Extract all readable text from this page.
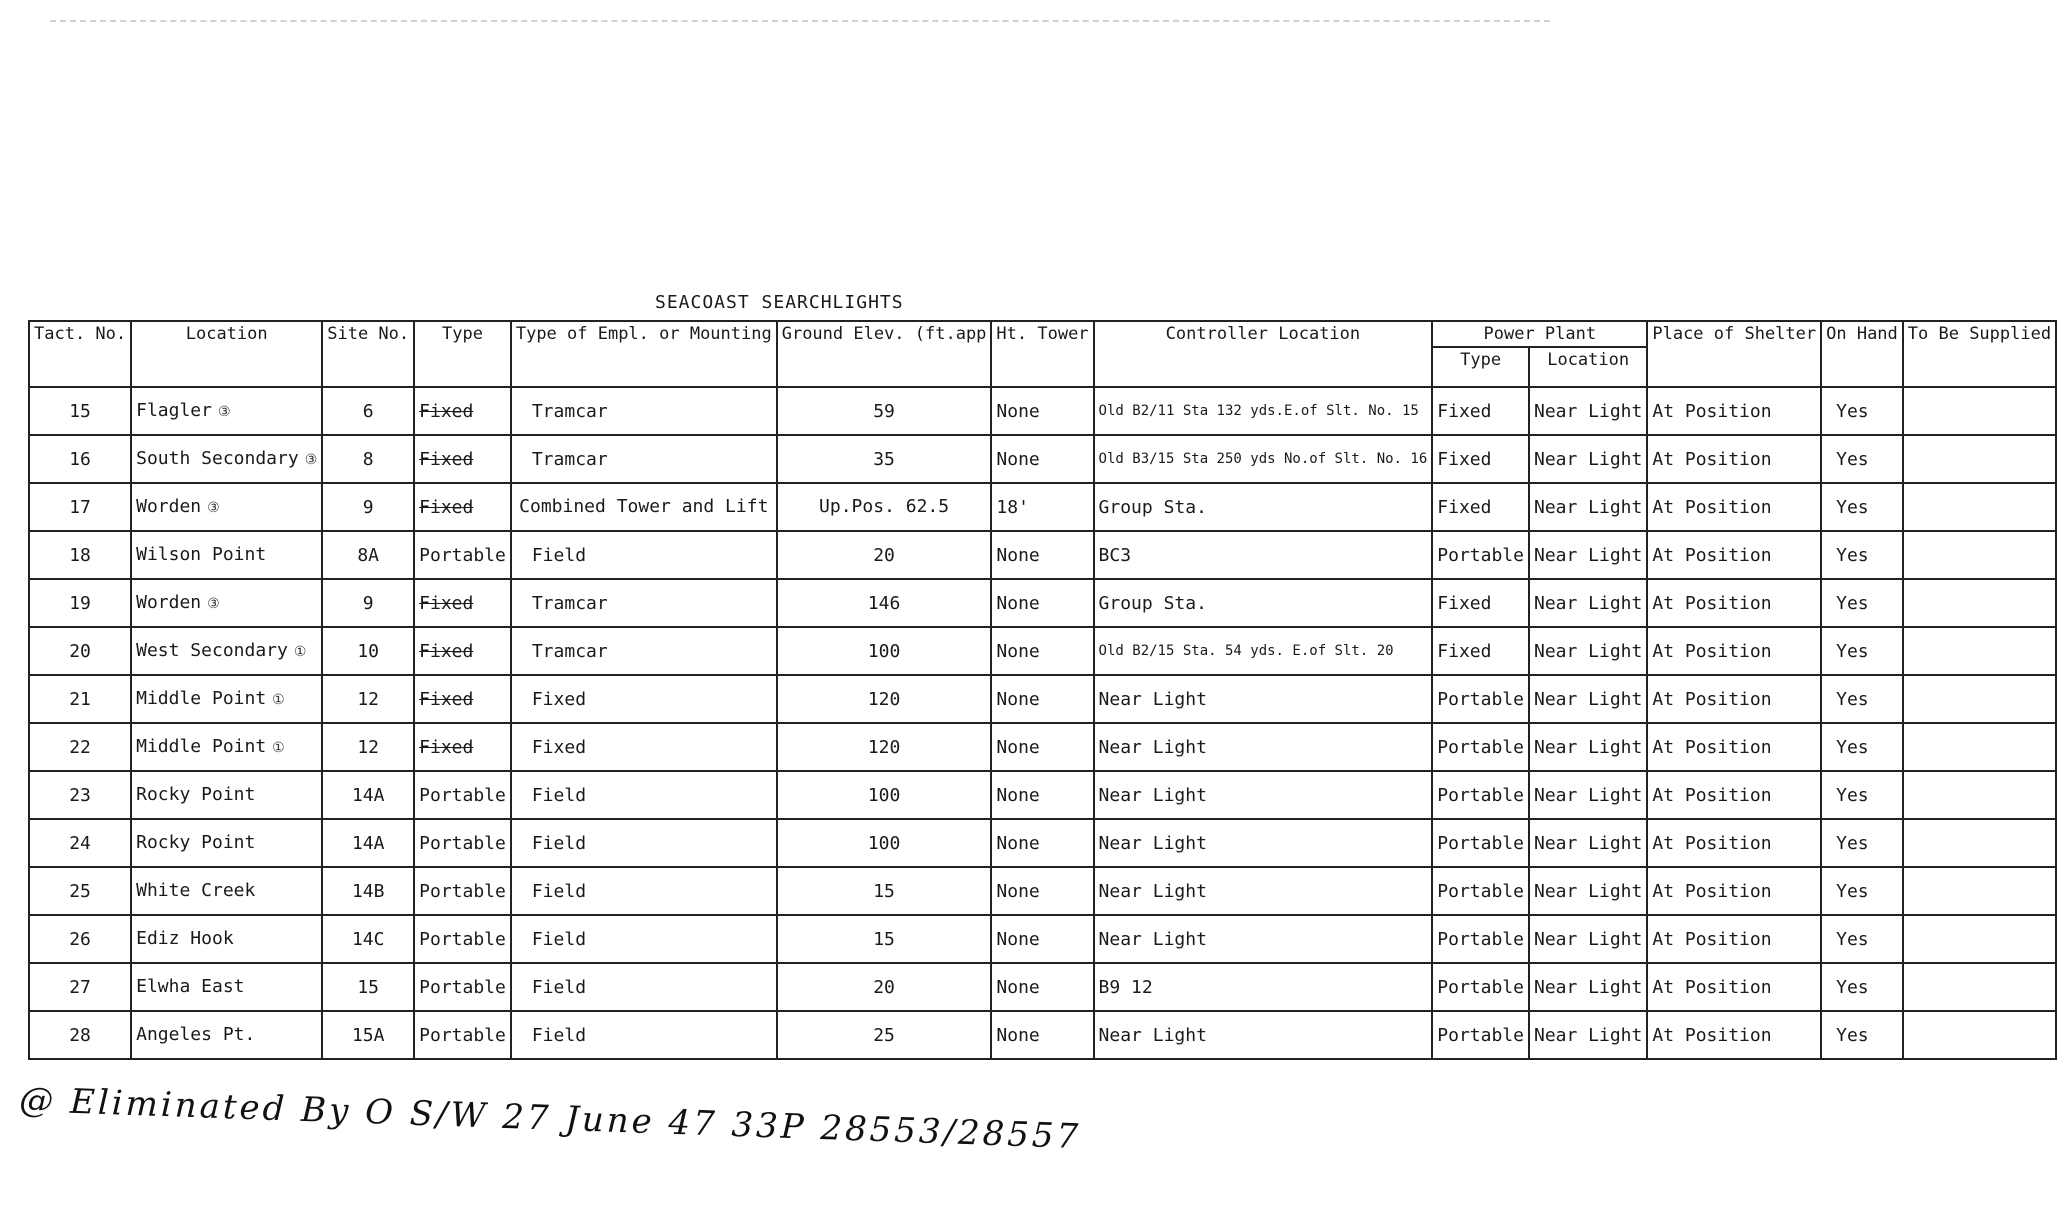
SEACOAST SEARCHLIGHTS
Tact. No.	Location	Site No.	Type	Type of Empl. or Mounting	Ground Elev. (ft.app	Ht. Tower	Controller Location	Power Plant		Place of Shelter	On Hand	To Be Supplied
								Type	Location			
15	Flagler ③	6	Fixed	Tramcar	59	None	Old B2/11 Sta 132 yds.E.of Slt. No. 15	Fixed	Near Light	At Position	Yes	
16	South Secondary ③	8	Fixed	Tramcar	35	None	Old B3/15 Sta 250 yds No.of Slt. No. 16	Fixed	Near Light	At Position	Yes	
17	Worden ③	9	Fixed	Combined Tower and Lift	Up.Pos. 62.5	18'	Group Sta.	Fixed	Near Light	At Position	Yes	
18	Wilson Point	8A	Portable	Field	20	None	BC3	Portable	Near Light	At Position	Yes	
19	Worden ③	9	Fixed	Tramcar	146	None	Group Sta.	Fixed	Near Light	At Position	Yes	
20	West Secondary ①	10	Fixed	Tramcar	100	None	Old B2/15 Sta. 54 yds. E.of Slt. 20	Fixed	Near Light	At Position	Yes	
21	Middle Point ①	12	Fixed	Fixed	120	None	Near Light	Portable	Near Light	At Position	Yes	
22	Middle Point ①	12	Fixed	Fixed	120	None	Near Light	Portable	Near Light	At Position	Yes	
23	Rocky Point	14A	Portable	Field	100	None	Near Light	Portable	Near Light	At Position	Yes	
24	Rocky Point	14A	Portable	Field	100	None	Near Light	Portable	Near Light	At Position	Yes	
25	White Creek	14B	Portable	Field	15	None	Near Light	Portable	Near Light	At Position	Yes	
26	Ediz Hook	14C	Portable	Field	15	None	Near Light	Portable	Near Light	At Position	Yes	
27	Elwha East	15	Portable	Field	20	None	B9 12	Portable	Near Light	At Position	Yes	
28	Angeles Pt.	15A	Portable	Field	25	None	Near Light	Portable	Near Light	At Position	Yes	
@ Eliminated By O S/W 27 June 47 33P 28553/28557
